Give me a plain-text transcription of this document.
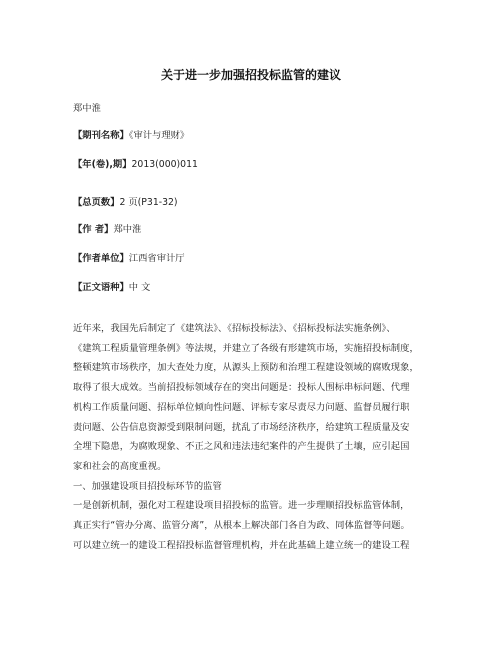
关于进一步加强招投标监管的建议
郑中淮
【期刊名称】《审计与理财》
【年(卷),期】2013(000)011
【总页数】2 页(P31-32)
【作 者】郑中淮
【作者单位】江西省审计厅
【正文语种】中 文
近年来，我国先后制定了《建筑法》、《招标投标法》、《招标投标法实施条例》、
《建筑工程质量管理条例》等法规，并建立了各级有形建筑市场，实施招投标制度，
整顿建筑市场秩序，加大查处力度，从源头上预防和治理工程建设领域的腐败现象，
取得了很大成效。当前招投标领域存在的突出问题是：投标人围标串标问题、代理
机构工作质量问题、招标单位倾向性问题、评标专家尽责尽力问题、监督员履行职
责问题、公告信息资源受到限制问题，扰乱了市场经济秩序，给建筑工程质量及安
全埋下隐患，为腐败现象、不正之风和违法违纪案件的产生提供了土壤，应引起国
家和社会的高度重视。
一、加强建设项目招投标环节的监管
一是创新机制，强化对工程建设项目招投标的监管。进一步理顺招投标监管体制，
真正实行“管办分离、监管分离”，从根本上解决部门各自为政、同体监督等问题。
可以建立统一的建设工程招投标监督管理机构，并在此基础上建立统一的建设工程
